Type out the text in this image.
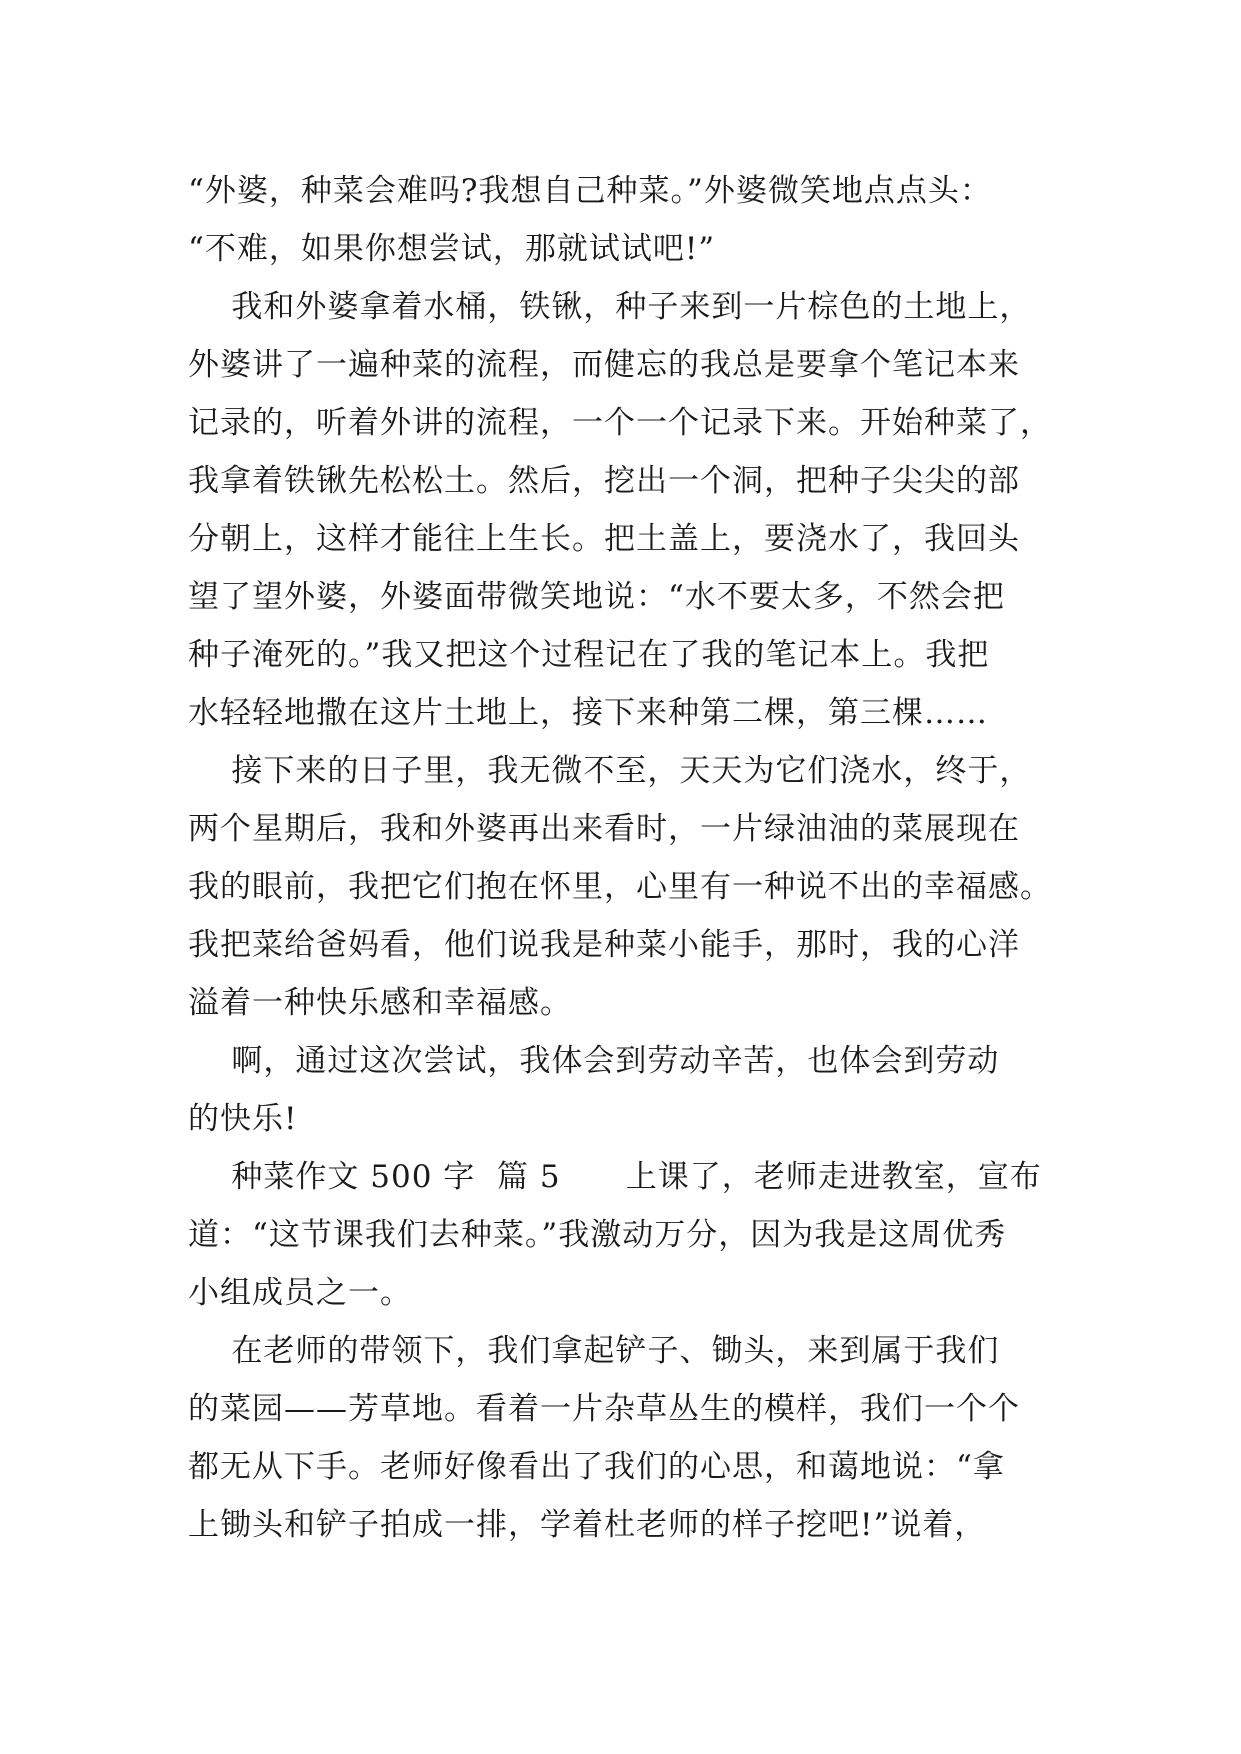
“外婆，种菜会难吗?我想自己种菜。”外婆微笑地点点头：
“不难，如果你想尝试，那就试试吧!”
我和外婆拿着水桶，铁锹，种子来到一片棕色的土地上，
外婆讲了一遍种菜的流程，而健忘的我总是要拿个笔记本来
记录的，听着外讲的流程，一个一个记录下来。开始种菜了，
我拿着铁锹先松松土。然后，挖出一个洞，把种子尖尖的部
分朝上，这样才能往上生长。把土盖上，要浇水了，我回头
望了望外婆，外婆面带微笑地说：“水不要太多，不然会把
种子淹死的。”我又把这个过程记在了我的笔记本上。我把
水轻轻地撒在这片土地上，接下来种第二棵，第三棵……
接下来的日子里，我无微不至，天天为它们浇水，终于，
两个星期后，我和外婆再出来看时，一片绿油油的菜展现在
我的眼前，我把它们抱在怀里，心里有一种说不出的幸福感。
我把菜给爸妈看，他们说我是种菜小能手，那时，我的心洋
溢着一种快乐感和幸福感。
啊，通过这次尝试，我体会到劳动辛苦，也体会到劳动
的快乐!
种菜作文 500 字  篇 5      上课了，老师走进教室，宣布
道：“这节课我们去种菜。”我激动万分，因为我是这周优秀
小组成员之一。
在老师的带领下，我们拿起铲子、锄头，来到属于我们
的菜园——芳草地。看着一片杂草丛生的模样，我们一个个
都无从下手。老师好像看出了我们的心思，和蔼地说：“拿
上锄头和铲子拍成一排，学着杜老师的样子挖吧!”说着，
